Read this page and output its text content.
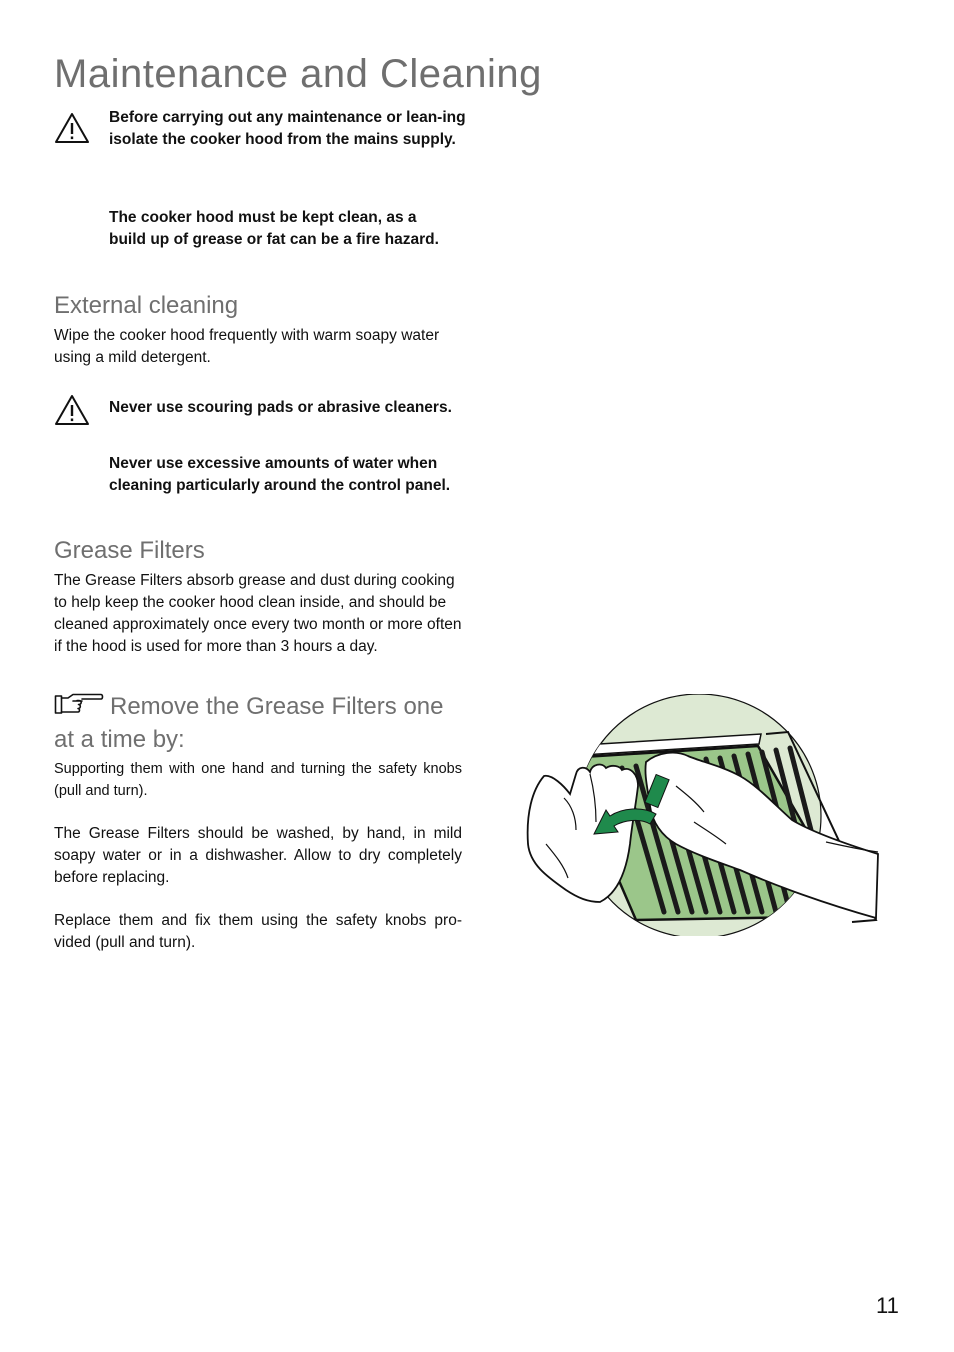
Maintenance and Cleaning

Before carrying out any maintenance or lean-ing isolate the cooker hood from the mains supply.

The cooker hood must be kept clean, as a build up of grease or fat can be a fire hazard.

External cleaning

Wipe the cooker hood frequently with warm soapy water using a mild detergent.

Never use scouring pads or abrasive cleaners.

Never use excessive amounts of water when cleaning particularly around the control panel.

Grease Filters

The Grease Filters absorb grease and dust during cooking to help keep the cooker hood clean inside, and should be cleaned approximately once every two month or more often if the hood is used for more than 3 hours a day.

Remove the Grease Filters one at a time by:

Supporting them with one hand and turning the safety knobs (pull and turn).

The Grease Filters should be washed, by hand, in mild soapy water or in a dishwasher. Allow to dry completely before replacing.

Replace them and fix them using the safety knobs pro-vided (pull and turn).

11
